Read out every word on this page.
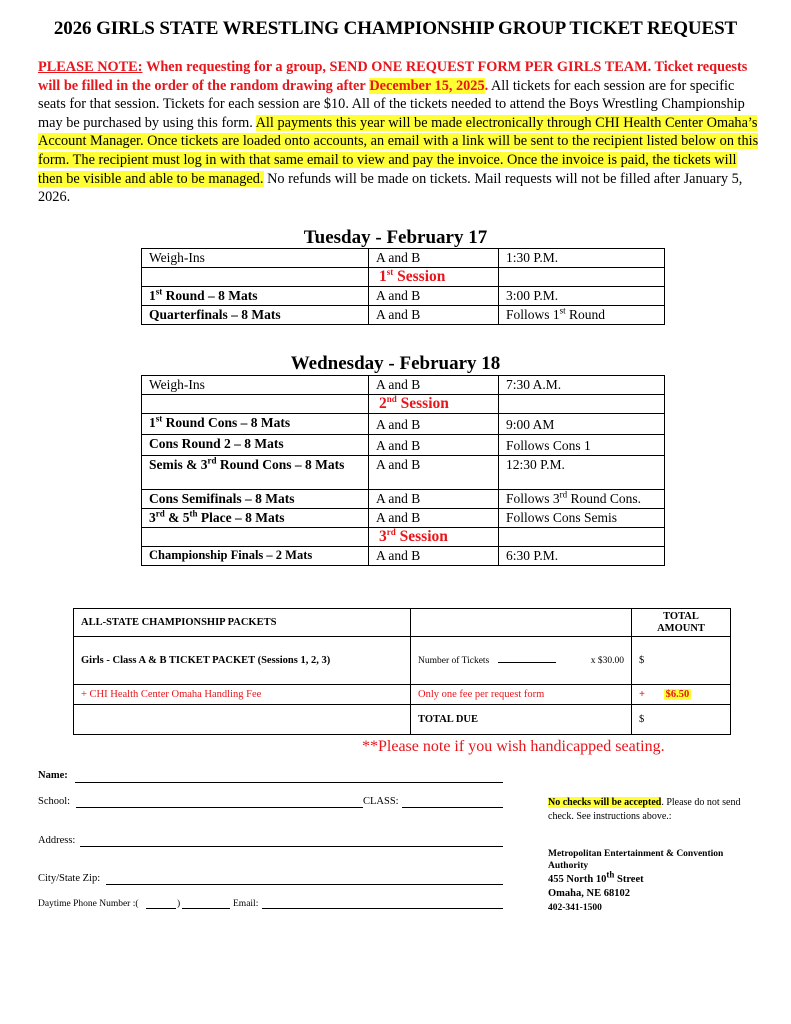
2026 GIRLS STATE WRESTLING CHAMPIONSHIP GROUP TICKET REQUEST
PLEASE NOTE: When requesting for a group, SEND ONE REQUEST FORM PER GIRLS TEAM. Ticket requests will be filled in the order of the random drawing after December 15, 2025. All tickets for each session are for specific seats for that session. Tickets for each session are $10. All of the tickets needed to attend the Boys Wrestling Championship may be purchased by using this form. All payments this year will be made electronically through CHI Health Center Omaha’s Account Manager. Once tickets are loaded onto accounts, an email with a link will be sent to the recipient listed below on this form. The recipient must log in with that same email to view and pay the invoice. Once the invoice is paid, the tickets will then be visible and able to be managed. No refunds will be made on tickets. Mail requests will not be filled after January 5, 2026.
Tuesday - February 17
Weigh-Ins	A and B	1:30 P.M.
	1st Session	
1st Round – 8 Mats	A and B	3:00 P.M.
Quarterfinals – 8 Mats	A and B	Follows 1st Round
Wednesday - February 18
Weigh-Ins	A and B	7:30 A.M.
	2nd Session	
1st Round Cons – 8 Mats	A and B	9:00 AM
Cons Round 2 – 8 Mats	A and B	Follows Cons 1
Semis & 3rd Round Cons – 8 Mats	A and B	12:30 P.M.
Cons Semifinals – 8 Mats	A and B	Follows 3rd Round Cons.
3rd & 5th Place – 8 Mats	A and B	Follows Cons Semis
	3rd Session	
Championship Finals – 2 Mats	A and B	6:30 P.M.
ALL-STATE CHAMPIONSHIP PACKETS		TOTAL AMOUNT
Girls - Class A & B TICKET PACKET (Sessions 1, 2, 3)	Number of Tickets x $30.00	$
+ CHI Health Center Omaha Handling Fee	Only one fee per request form	+ $6.50
	TOTAL DUE	$
**Please note if you wish handicapped seating.
Name:
School:	CLASS:
Address:
City/State Zip:
Daytime Phone Number :(	)	Email:
No checks will be accepted. Please do not send check. See instructions above.:
Metropolitan Entertainment & Convention Authority
455 North 10th Street
Omaha, NE 68102
402-341-1500
